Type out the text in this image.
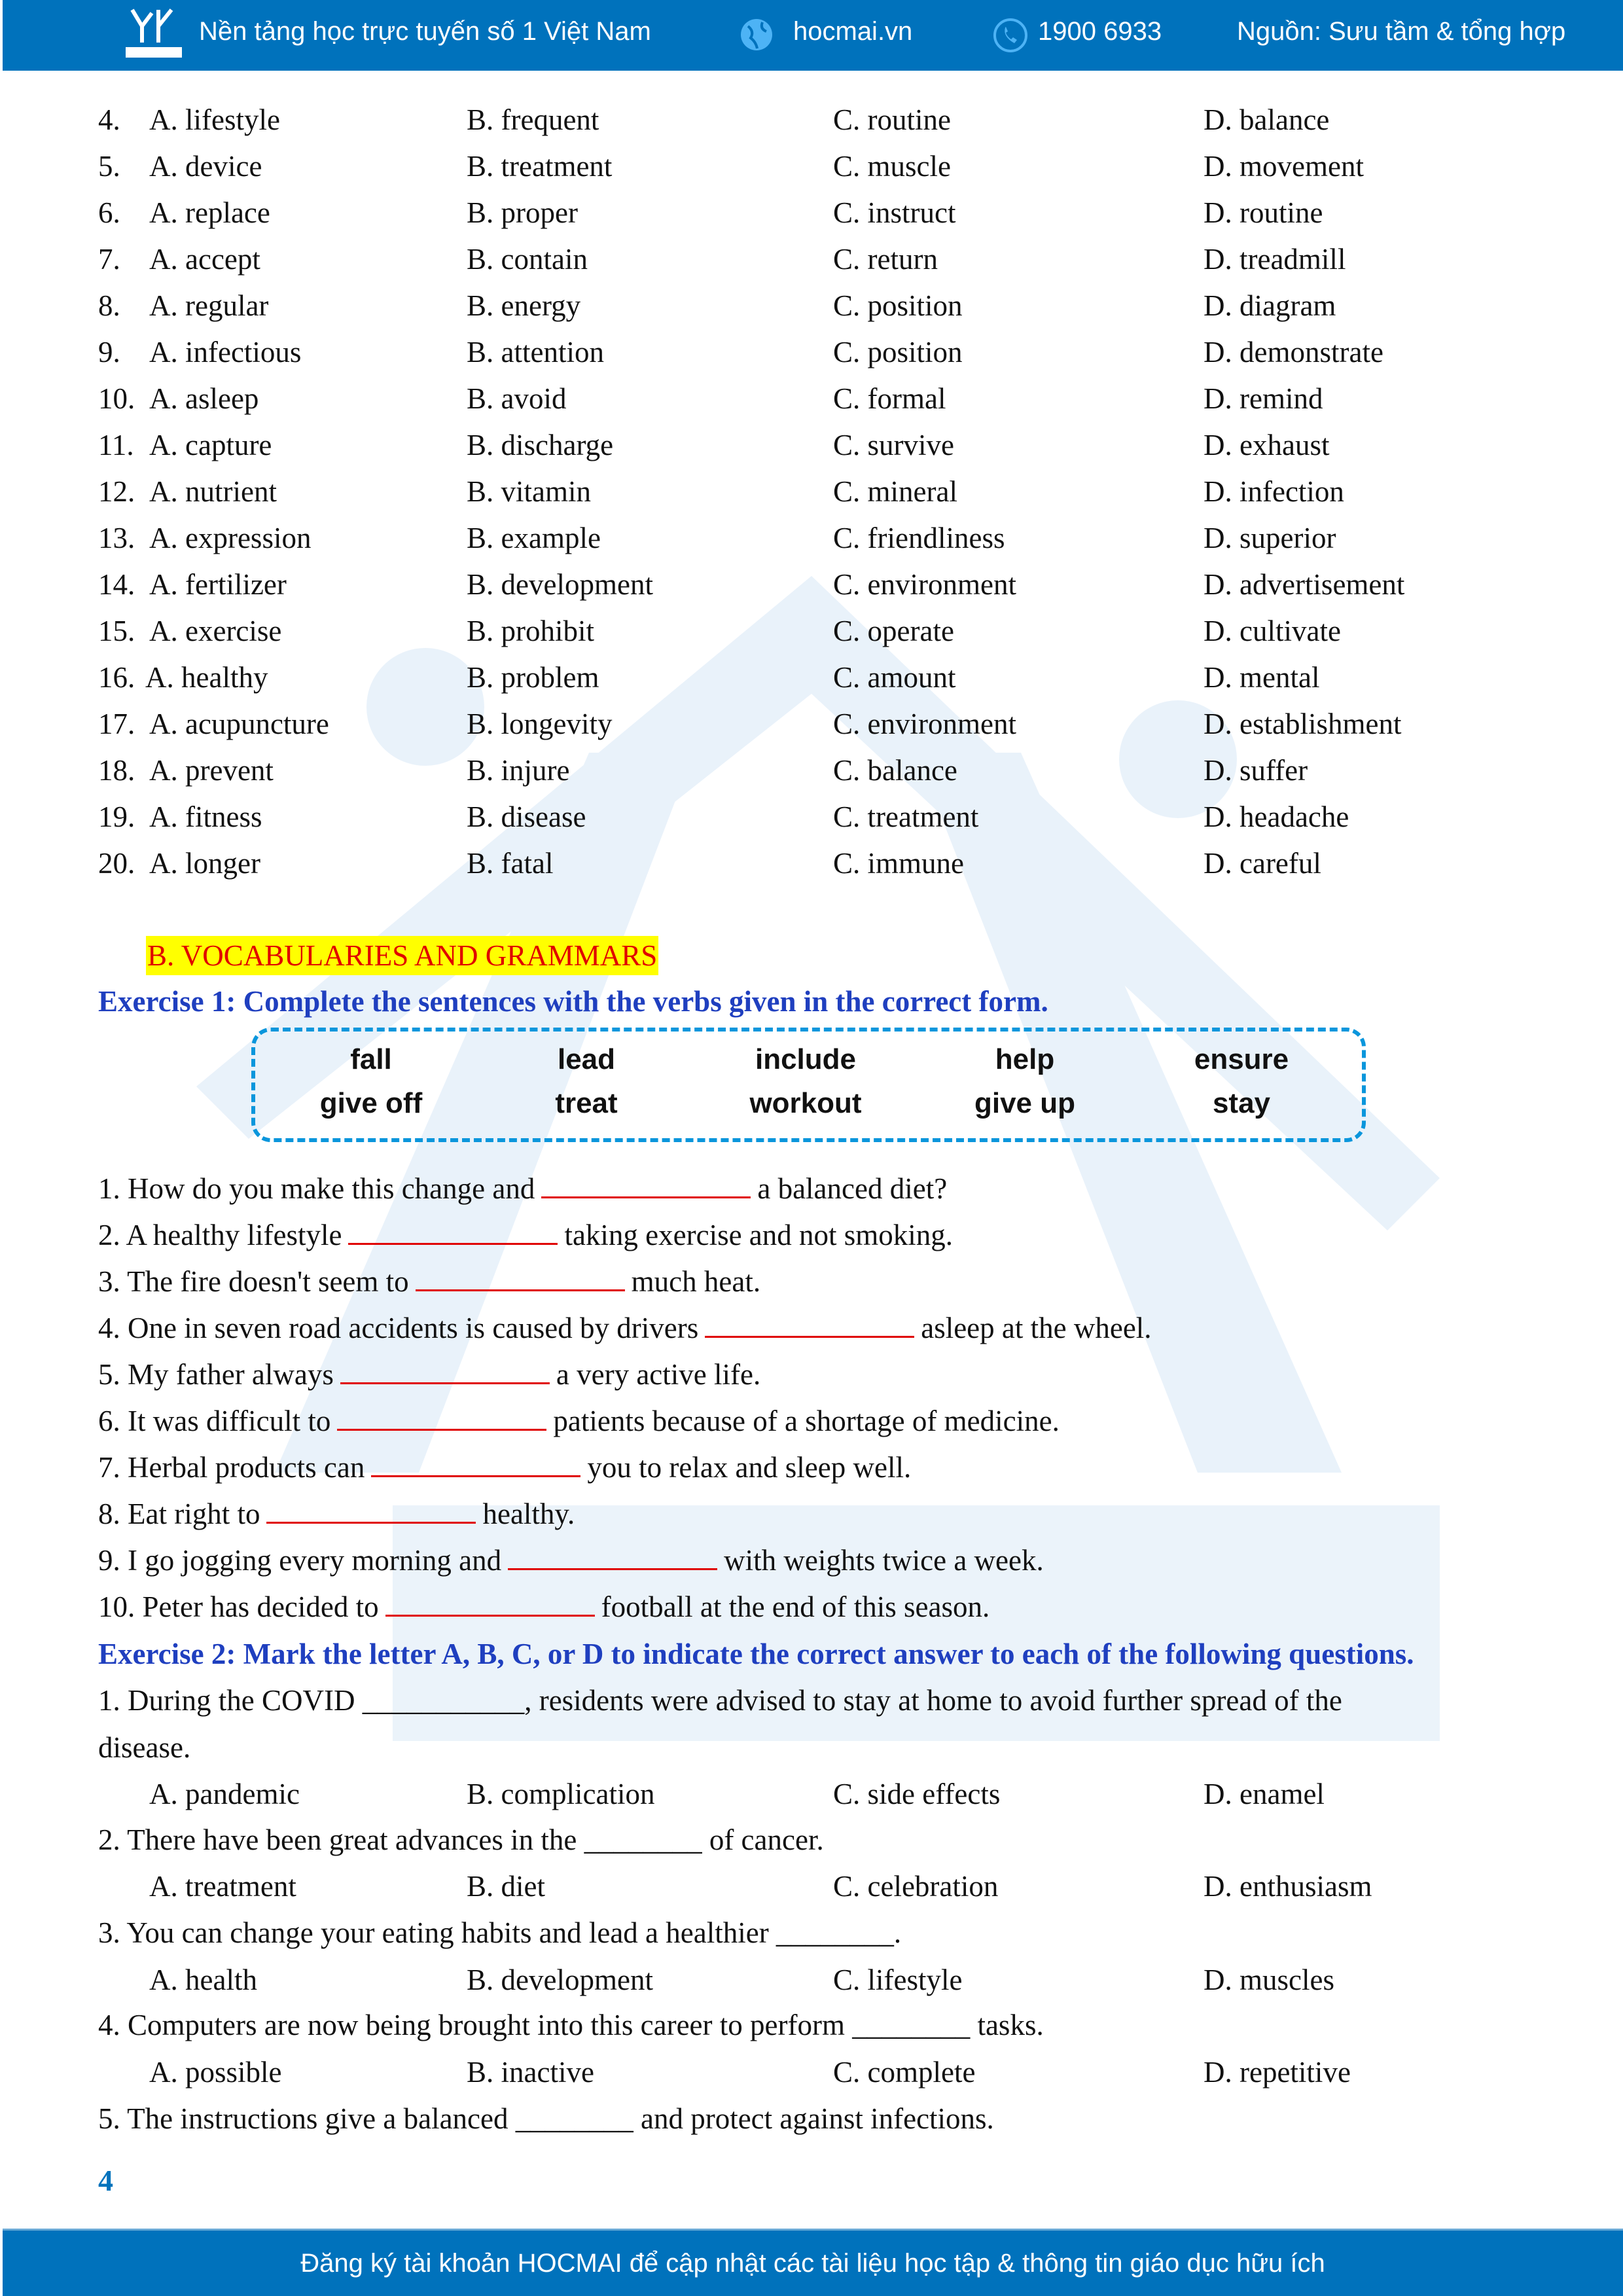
Nền tảng học trực tuyến số 1 Việt Nam	hocmai.vn	1900 6933	Nguồn: Sưu tầm & tổng hợp
4. A. lifestyle	B. frequent	C. routine	D. balance
5. A. device	B. treatment	C. muscle	D. movement
6. A. replace	B. proper	C. instruct	D. routine
7. A. accept	B. contain	C. return	D. treadmill
8. A. regular	B. energy	C. position	D. diagram
9. A. infectious	B. attention	C. position	D. demonstrate
10. A. asleep	B. avoid	C. formal	D. remind
11. A. capture	B. discharge	C. survive	D. exhaust
12. A. nutrient	B. vitamin	C. mineral	D. infection
13. A. expression	B. example	C. friendliness	D. superior
14. A. fertilizer	B. development	C. environment	D. advertisement
15. A. exercise	B. prohibit	C. operate	D. cultivate
16. A. healthy	B. problem	C. amount	D. mental
17. A. acupuncture	B. longevity	C. environment	D. establishment
18. A. prevent	B. injure	C. balance	D. suffer
19. A. fitness	B. disease	C. treatment	D. headache
20. A. longer	B. fatal	C. immune	D. careful
1. How do you make this change and	a balanced diet?
2. A healthy lifestyle	taking exercise and not smoking.
3. The fire doesn't seem to	much heat.
4. One in seven road accidents is caused by drivers	asleep at the wheel.
5. My father always	a very active life.
6. It was difficult to	patients because of a shortage of medicine.
7. Herbal products can	you to relax and sleep well.
8. Eat right to	healthy.
9. I go jogging every morning and	with weights twice a week.
10. Peter has decided to	football at the end of this season.
1. During the COVID ___________, residents were advised to stay at home to avoid further spread of the
disease.
A. pandemic	B. complication	C. side effects	D. enamel
2. There have been great advances in the ________ of cancer.
A. treatment	B. diet	C. celebration	D. enthusiasm
3. You can change your eating habits and lead a healthier ________.
A. health	B. development	C. lifestyle	D. muscles
4. Computers are now being brought into this career to perform ________ tasks.
A. possible	B. inactive	C. complete	D. repetitive
5. The instructions give a balanced ________ and protect against infections.
B. VOCABULARIES AND GRAMMARS
Exercise 1: Complete the sentences with the verbs given in the correct form.
fall	lead	include	help	ensure
give off	treat	workout	give up	stay
Exercise 2: Mark the letter A, B, C, or D to indicate the correct answer to each of the following questions.
4
Đăng ký tài khoản HOCMAI để cập nhật các tài liệu học tập & thông tin giáo dục hữu ích
